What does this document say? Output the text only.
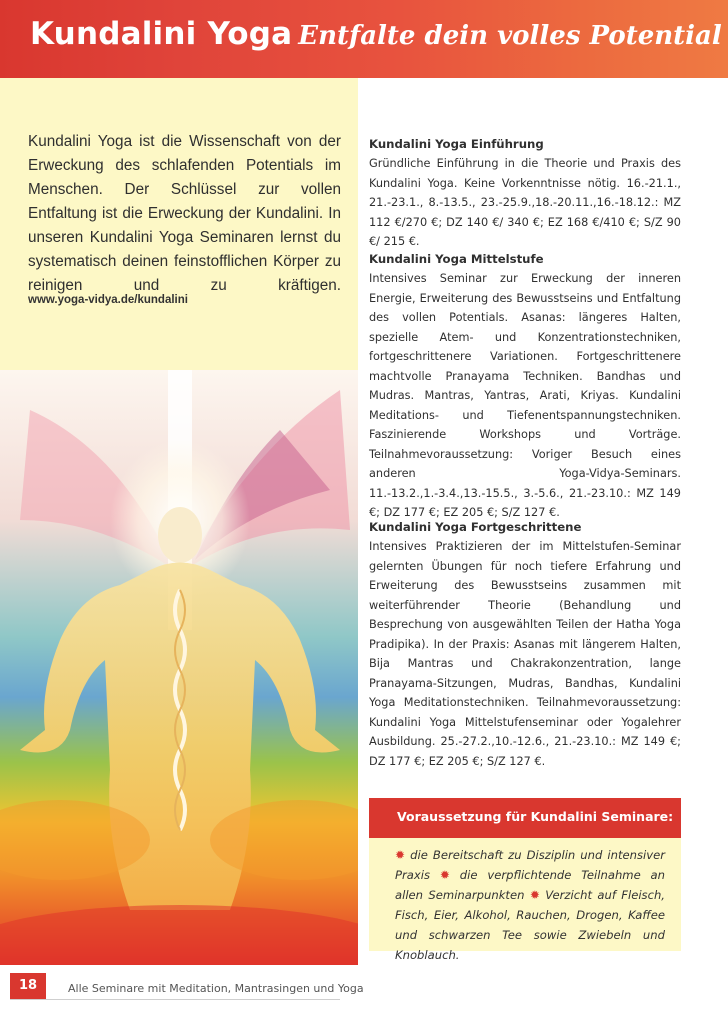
Kundalini Yoga Entfalte dein volles Potential
Kundalini Yoga ist die Wissenschaft von der Erweckung des schlafenden Potentials im Menschen. Der Schlüssel zur vollen Entfaltung ist die Erweckung der Kundalini. In unseren Kundalini Yoga Seminaren lernst du systematisch deinen feinstofflichen Körper zu reinigen und zu kräftigen.
www.yoga-vidya.de/kundalini
Kundalini Yoga Einführung
Gründliche Einführung in die Theorie und Praxis des Kundalini Yoga. Keine Vorkenntnisse nötig. 16.-21.1., 21.-23.1., 8.-13.5., 23.-25.9.,18.-20.11.,16.-18.12.: MZ 112 €/270 €; DZ 140 €/ 340 €; EZ 168 €/410 €; S/Z 90 €/ 215 €.
Kundalini Yoga Mittelstufe
Intensives Seminar zur Erweckung der inneren Energie, Erweiterung des Bewusstseins und Entfaltung des vollen Potentials. Asanas: längeres Halten, spezielle Atem- und Konzentrationstechniken, fortgeschrittenere Variationen. Fortgeschrittenere machtvolle Pranayama Techniken. Bandhas und Mudras. Mantras, Yantras, Arati, Kriyas. Kundalini Meditations- und Tiefenentspannungstechniken. Faszinierende Workshops und Vorträge. Teilnahmevoraussetzung: Voriger Besuch eines anderen Yoga-Vidya-Seminars. 11.-13.2.,1.-3.4.,13.-15.5., 3.-5.6., 21.-23.10.: MZ 149 €; DZ 177 €; EZ 205 €; S/Z 127 €.
Kundalini Yoga Fortgeschrittene
Intensives Praktizieren der im Mittelstufen-Seminar gelernten Übungen für noch tiefere Erfahrung und Erweiterung des Bewusstseins zusammen mit weiterführender Theorie (Behandlung und Besprechung von ausgewählten Teilen der Hatha Yoga Pradipika). In der Praxis: Asanas mit längerem Halten, Bija Mantras und Chakrakonzentration, lange Pranayama-Sitzungen, Mudras, Bandhas, Kundalini Yoga Meditationstechniken. Teilnahmevoraussetzung: Kundalini Yoga Mittelstufenseminar oder Yogalehrer Ausbildung. 25.-27.2.,10.-12.6., 21.-23.10.: MZ 149 €; DZ 177 €; EZ 205 €; S/Z 127 €.
Voraussetzung für Kundalini Seminare:
✹ die Bereitschaft zu Disziplin und intensiver Praxis ✹ die verpflichtende Teilnahme an allen Seminarpunkten ✹ Verzicht auf Fleisch, Fisch, Eier, Alkohol, Rauchen, Drogen, Kaffee und schwarzen Tee sowie Zwiebeln und Knoblauch.
18	Alle Seminare mit Meditation, Mantrasingen und Yoga
